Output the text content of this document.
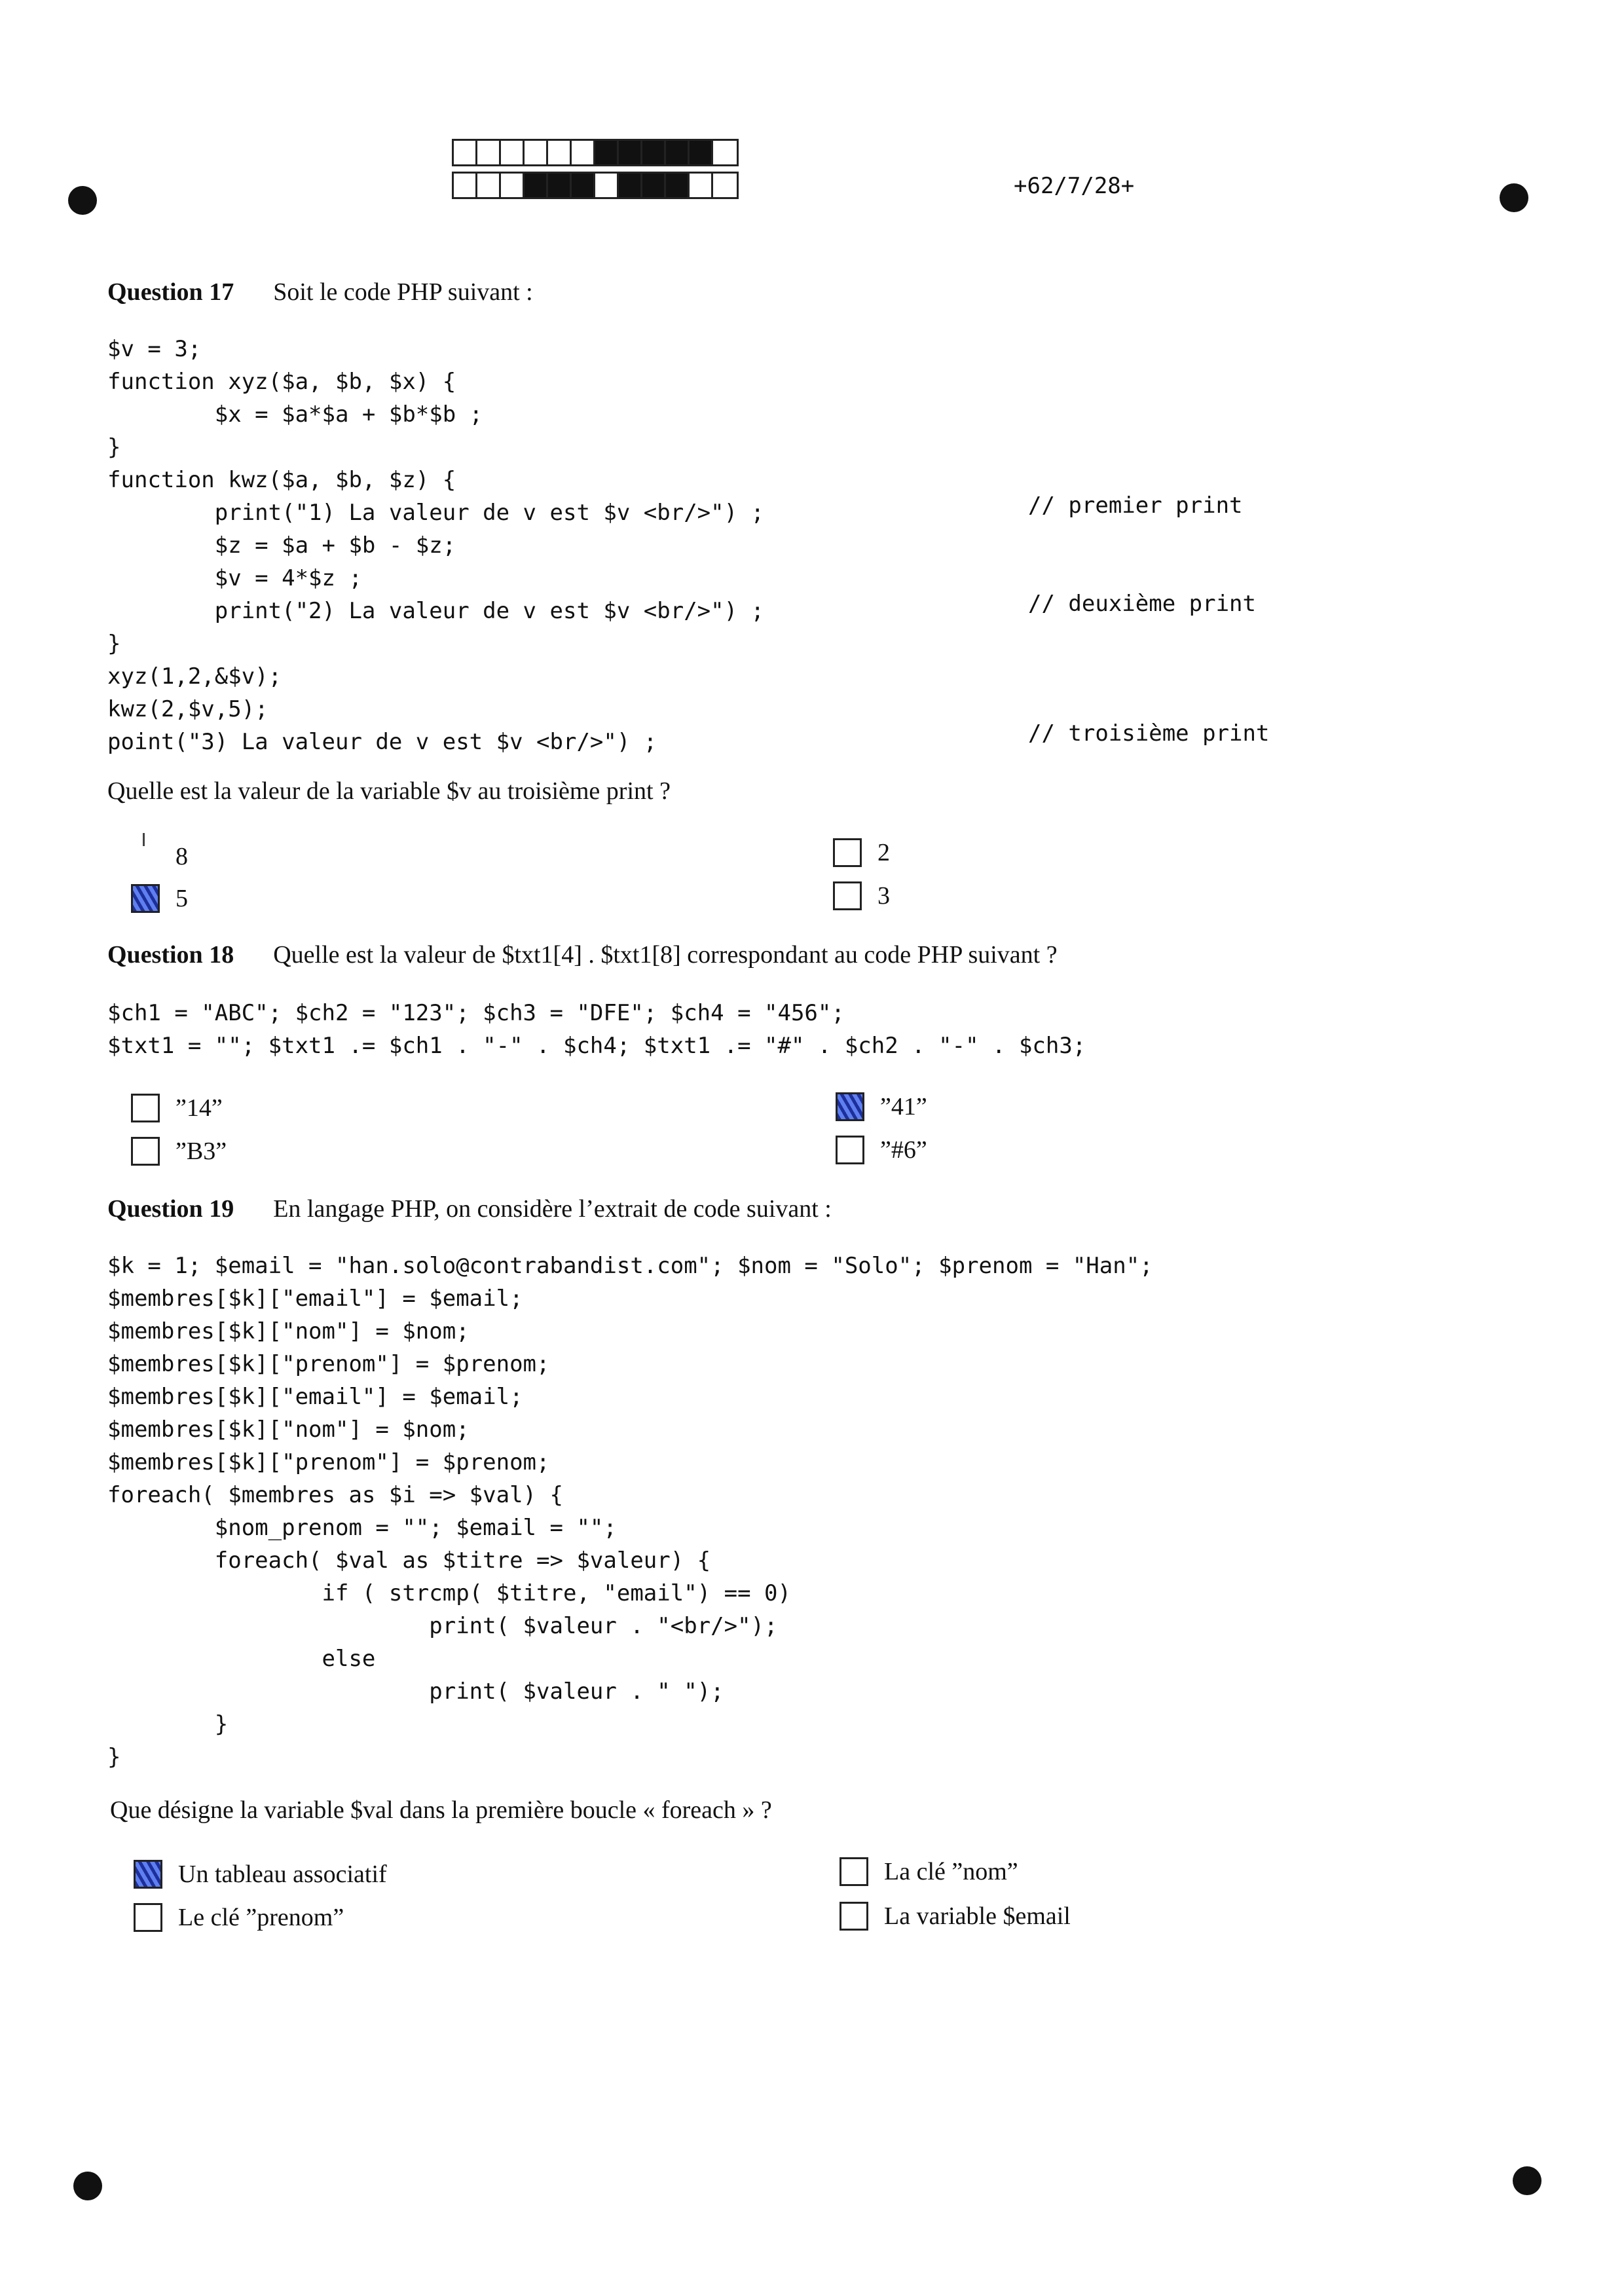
+62/7/28+
Question 17 Soit le code PHP suivant :
$v = 3;
function xyz($a, $b, $x) {
$x = $a*$a + $b*$b ;
}
function kwz($a, $b, $z) {
print("1) La valeur de v est $v <br/>") ;
$z = $a + $b - $z;
$v = 4*$z ;
print("2) La valeur de v est $v <br/>") ;
}
xyz(1,2,&$v);
kwz(2,$v,5);
point("3) La valeur de v est $v <br/>") ;
// premier print
// deuxième print
// troisième print
Quelle est la valeur de la variable $v au troisième print ?
8	2
5	3
Question 18 Quelle est la valeur de $txt1[4] . $txt1[8] correspondant au code PHP suivant ?
$ch1 = "ABC"; $ch2 = "123"; $ch3 = "DFE"; $ch4 = "456";
$txt1 = ""; $txt1 .= $ch1 . "-" . $ch4; $txt1 .= "#" . $ch2 . "-" . $ch3;
”14”	”41”
”B3”	”#6”
Question 19 En langage PHP, on considère l’extrait de code suivant :
$k = 1; $email = "han.solo@contrabandist.com"; $nom = "Solo"; $prenom = "Han";
$membres[$k]["email"] = $email;
$membres[$k]["nom"] = $nom;
$membres[$k]["prenom"] = $prenom;
$membres[$k]["email"] = $email;
$membres[$k]["nom"] = $nom;
$membres[$k]["prenom"] = $prenom;
foreach( $membres as $i => $val) {
$nom_prenom = ""; $email = "";
foreach( $val as $titre => $valeur) {
if ( strcmp( $titre, "email") == 0)
print( $valeur . "<br/>");
else
print( $valeur . " ");
}
}
Que désigne la variable $val dans la première boucle « foreach » ?
Un tableau associatif	La clé ”nom”
Le clé ”prenom”	La variable $email
